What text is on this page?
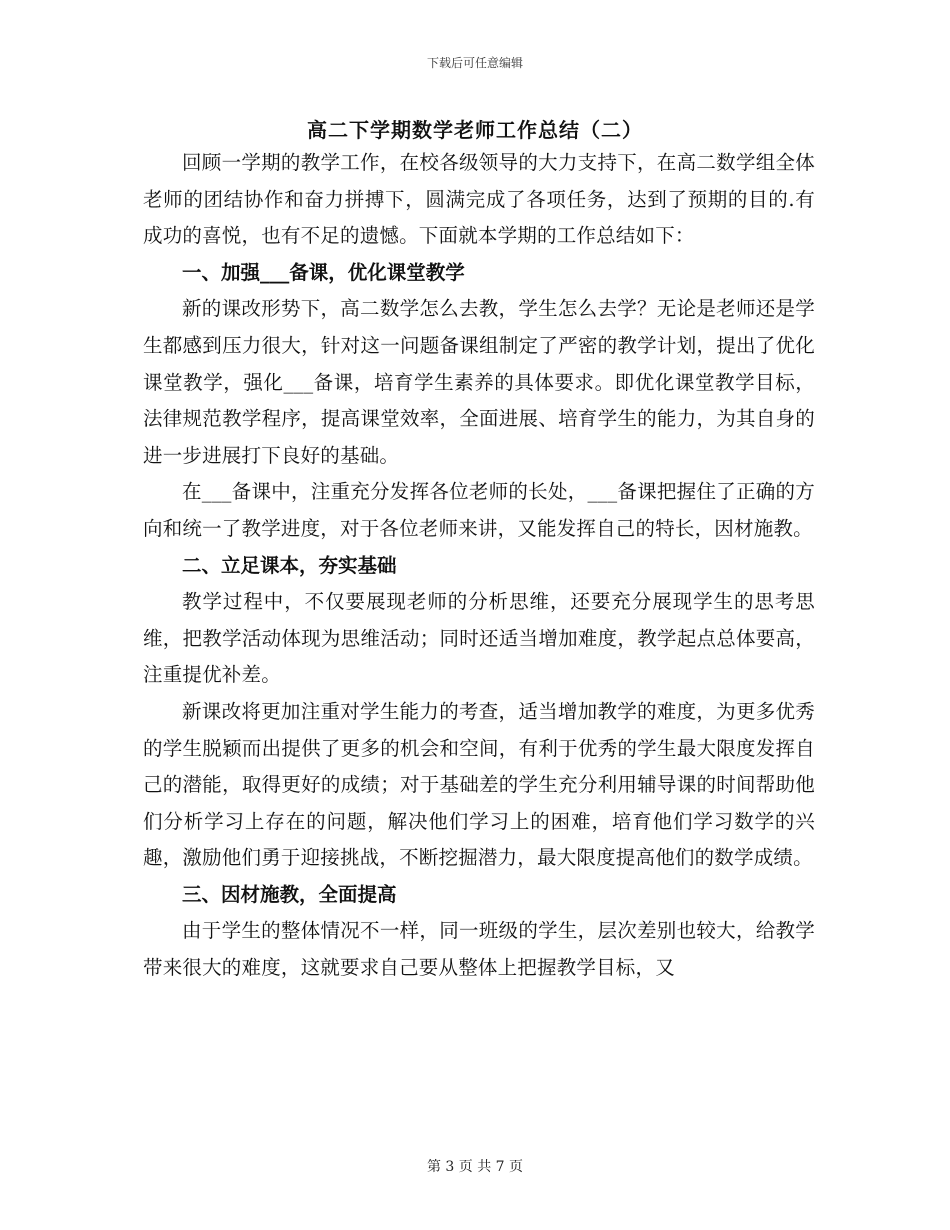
下载后可任意编辑
高二下学期数学老师工作总结（二）

回顾一学期的教学工作，在校各级领导的大力支持下，在高二数学组全体老师的团结协作和奋力拼搏下，圆满完成了各项任务，达到了预期的目的.有成功的喜悦，也有不足的遗憾。下面就本学期的工作总结如下：

一、加强___备课，优化课堂教学

新的课改形势下，高二数学怎么去教，学生怎么去学？无论是老师还是学生都感到压力很大，针对这一问题备课组制定了严密的教学计划，提出了优化课堂教学，强化___备课，培育学生素养的具体要求。即优化课堂教学目标，法律规范教学程序，提高课堂效率，全面进展、培育学生的能力，为其自身的进一步进展打下良好的基础。

在___备课中，注重充分发挥各位老师的长处，___备课把握住了正确的方向和统一了教学进度，对于各位老师来讲，又能发挥自己的特长，因材施教。

二、立足课本，夯实基础

教学过程中，不仅要展现老师的分析思维，还要充分展现学生的思考思维，把教学活动体现为思维活动；同时还适当增加难度，教学起点总体要高，注重提优补差。

新课改将更加注重对学生能力的考查，适当增加教学的难度，为更多优秀的学生脱颖而出提供了更多的机会和空间，有利于优秀的学生最大限度发挥自己的潜能，取得更好的成绩；对于基础差的学生充分利用辅导课的时间帮助他们分析学习上存在的问题，解决他们学习上的困难，培育他们学习数学的兴趣，激励他们勇于迎接挑战，不断挖掘潜力，最大限度提高他们的数学成绩。

三、因材施教，全面提高

由于学生的整体情况不一样，同一班级的学生，层次差别也较大，给教学带来很大的难度，这就要求自己要从整体上把握教学目标，又

第 3 页 共 7 页
